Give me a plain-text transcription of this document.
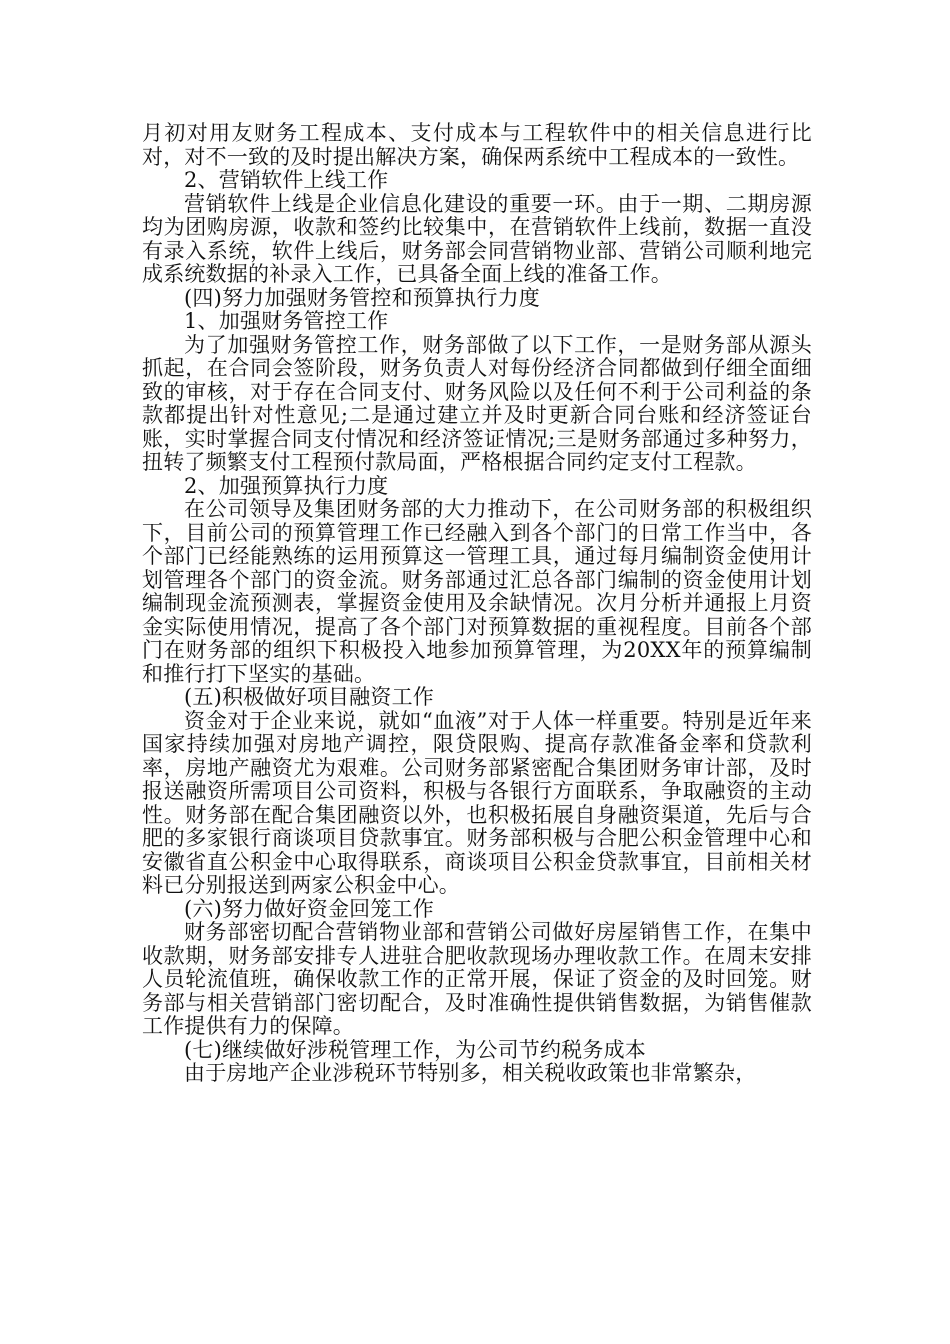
月初对用友财务工程成本、支付成本与工程软件中的相关信息进行比对，对不一致的及时提出解决方案，确保两系统中工程成本的一致性。

2、营销软件上线工作

营销软件上线是企业信息化建设的重要一环。由于一期、二期房源均为团购房源，收款和签约比较集中，在营销软件上线前，数据一直没有录入系统，软件上线后，财务部会同营销物业部、营销公司顺利地完成系统数据的补录入工作，已具备全面上线的准备工作。

(四)努力加强财务管控和预算执行力度

1、加强财务管控工作

为了加强财务管控工作，财务部做了以下工作，一是财务部从源头抓起，在合同会签阶段，财务负责人对每份经济合同都做到仔细全面细致的审核，对于存在合同支付、财务风险以及任何不利于公司利益的条款都提出针对性意见;二是通过建立并及时更新合同台账和经济签证台账，实时掌握合同支付情况和经济签证情况;三是财务部通过多种努力，扭转了频繁支付工程预付款局面，严格根据合同约定支付工程款。

2、加强预算执行力度

在公司领导及集团财务部的大力推动下，在公司财务部的积极组织下，目前公司的预算管理工作已经融入到各个部门的日常工作当中，各个部门已经能熟练的运用预算这一管理工具，通过每月编制资金使用计划管理各个部门的资金流。财务部通过汇总各部门编制的资金使用计划编制现金流预测表，掌握资金使用及余缺情况。次月分析并通报上月资金实际使用情况，提高了各个部门对预算数据的重视程度。目前各个部门在财务部的组织下积极投入地参加预算管理，为20XX年的预算编制和推行打下坚实的基础。

(五)积极做好项目融资工作

资金对于企业来说，就如“血液”对于人体一样重要。特别是近年来国家持续加强对房地产调控，限贷限购、提高存款准备金率和贷款利率，房地产融资尤为艰难。公司财务部紧密配合集团财务审计部，及时报送融资所需项目公司资料，积极与各银行方面联系，争取融资的主动性。财务部在配合集团融资以外，也积极拓展自身融资渠道，先后与合肥的多家银行商谈项目贷款事宜。财务部积极与合肥公积金管理中心和安徽省直公积金中心取得联系，商谈项目公积金贷款事宜，目前相关材料已分别报送到两家公积金中心。

(六)努力做好资金回笼工作

财务部密切配合营销物业部和营销公司做好房屋销售工作，在集中收款期，财务部安排专人进驻合肥收款现场办理收款工作。在周末安排人员轮流值班，确保收款工作的正常开展，保证了资金的及时回笼。财务部与相关营销部门密切配合，及时准确性提供销售数据，为销售催款工作提供有力的保障。

(七)继续做好涉税管理工作，为公司节约税务成本

由于房地产企业涉税环节特别多，相关税收政策也非常繁杂，
